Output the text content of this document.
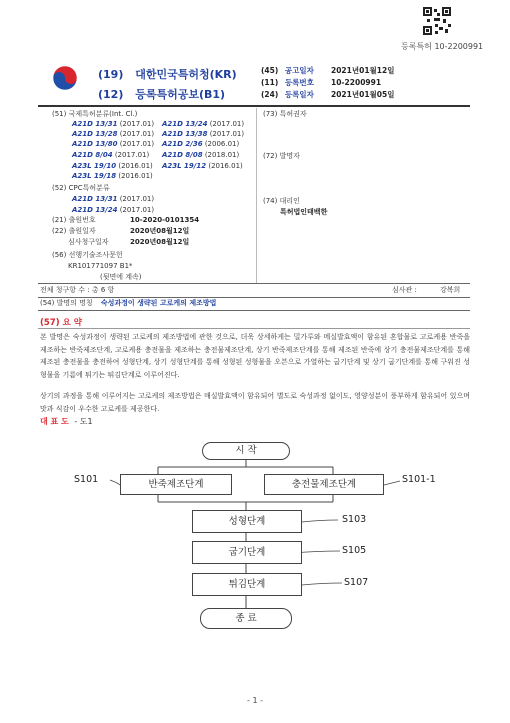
등록특허 10-2200991
(19) 대한민국특허청(KR)
(12) 등록특허공보(B1)
(45) 공고일자 2021년01월12일
(11) 등록번호 10-2200991
(24) 등록일자 2021년01월05일
(51) 국제특허분류(Int. Cl.)
A21D 13/31 (2017.01) A21D 13/24 (2017.01)
A21D 13/28 (2017.01) A21D 13/38 (2017.01)
A21D 13/80 (2017.01) A21D 2/36 (2006.01)
A21D 8/04 (2017.01) A21D 8/08 (2018.01)
A23L 19/10 (2016.01) A23L 19/12 (2016.01)
A23L 19/18 (2016.01)
(52) CPC특허분류
A21D 13/31 (2017.01)
A21D 13/24 (2017.01)
(21) 출원번호	10-2020-0101354
(22) 출원일자	2020년08월12일
심사청구일자	2020년08월12일
(56) 선행기술조사문헌
KR101771097 B1*
(뒷면에 계속)
(73) 특허권자
(72) 발명자
(74) 대리인
특허법인태백한
전체 청구항 수 : 총 6 항	심사관 :	강복희
(54) 발명의 명칭 숙성과정이 생략된 고로케의 제조방법
(57) 요 약
본 발명은 숙성과정이 생략된 고로케의 제조방법에 관한 것으로, 더욱 상세하게는 밀가루와 메실발효액이 함유된 혼합물로 고로케용 반죽을 제조하는 반죽제조단계, 고로케용 충전물을 제조하는 충전물제조단계, 상기 반죽제조단계를 통해 제조된 반죽에 상기 충전물제조단계를 통해 제조된 충전물을 충전하여 성형단계, 상기 성형단계를 통해 성형된 성형물을 오븐으로 가열하는 굽기단계 및 상기 굽기단계를 통해 구워진 성형물을 기름에 튀기는 튀김단계로 이루어진다.
상기의 과정을 통해 이루어지는 고로케의 제조방법은 매실발효액이 함유되어 별도로 숙성과정 없이도, 영양성분이 풍부하게 함유되어 있으며 맛과 식감이 우수한 고로케를 제공한다.
대 표 도 - 도1
시 작
반죽제조단계	충전물제조단계
성형단계
굽기단계
튀김단계
종 료
S101	S101-1
S103
S105
S107
- 1 -
